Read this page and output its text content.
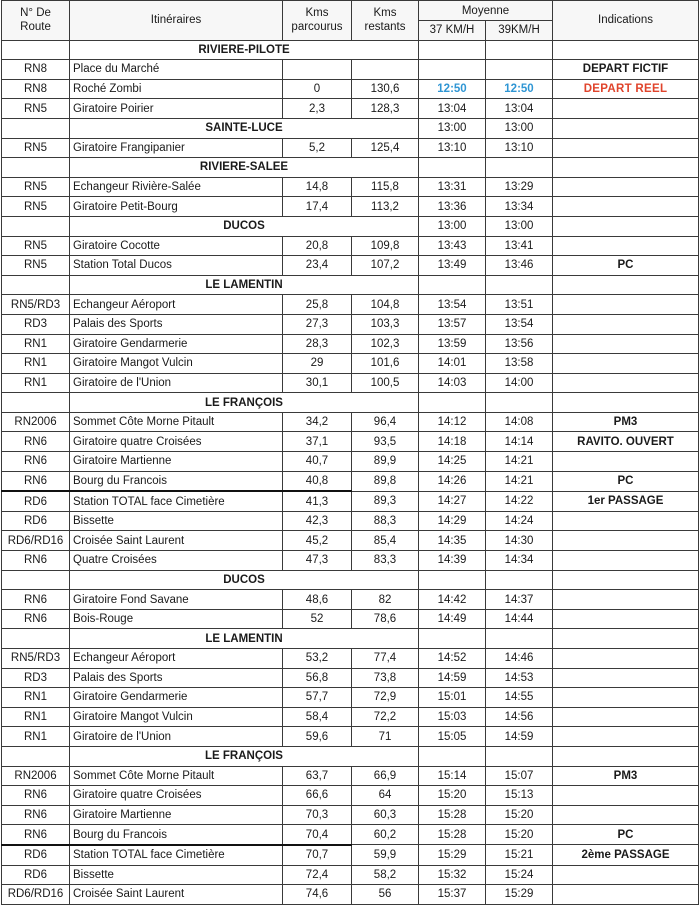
N° De Route	Itinéraires	Kms parcourus	Kms restants	Moyenne		Indications
				37 KM/H	39KM/H	
	RIVIERE-PILOTE					
RN8	Place du Marché					DEPART FICTIF
RN8	Roché Zombi	0	130,6	12:50	12:50	DEPART REEL
RN5	Giratoire Poirier	2,3	128,3	13:04	13:04	
	SAINTE-LUCE			13:00	13:00	
RN5	Giratoire Frangipanier	5,2	125,4	13:10	13:10	
	RIVIERE-SALEE					
RN5	Echangeur Rivière-Salée	14,8	115,8	13:31	13:29	
RN5	Giratoire Petit-Bourg	17,4	113,2	13:36	13:34	
	DUCOS			13:00	13:00	
RN5	Giratoire Cocotte	20,8	109,8	13:43	13:41	
RN5	Station Total Ducos	23,4	107,2	13:49	13:46	PC
	LE LAMENTIN					
RN5/RD3	Echangeur Aéroport	25,8	104,8	13:54	13:51	
RD3	Palais des Sports	27,3	103,3	13:57	13:54	
RN1	Giratoire Gendarmerie	28,3	102,3	13:59	13:56	
RN1	Giratoire Mangot Vulcin	29	101,6	14:01	13:58	
RN1	Giratoire de l'Union	30,1	100,5	14:03	14:00	
	LE FRANÇOIS					
RN2006	Sommet Côte Morne Pitault	34,2	96,4	14:12	14:08	PM3
RN6	Giratoire quatre Croisées	37,1	93,5	14:18	14:14	RAVITO. OUVERT
RN6	Giratoire Martienne	40,7	89,9	14:25	14:21	
RN6	Bourg du Francois	40,8	89,8	14:26	14:21	PC
RD6	Station TOTAL face Cimetière	41,3	89,3	14:27	14:22	1er PASSAGE
RD6	Bissette	42,3	88,3	14:29	14:24	
RD6/RD16	Croisée Saint Laurent	45,2	85,4	14:35	14:30	
RN6	Quatre Croisées	47,3	83,3	14:39	14:34	
	DUCOS					
RN6	Giratoire Fond Savane	48,6	82	14:42	14:37	
RN6	Bois-Rouge	52	78,6	14:49	14:44	
	LE LAMENTIN					
RN5/RD3	Echangeur Aéroport	53,2	77,4	14:52	14:46	
RD3	Palais des Sports	56,8	73,8	14:59	14:53	
RN1	Giratoire Gendarmerie	57,7	72,9	15:01	14:55	
RN1	Giratoire Mangot Vulcin	58,4	72,2	15:03	14:56	
RN1	Giratoire de l'Union	59,6	71	15:05	14:59	
	LE FRANÇOIS					
RN2006	Sommet Côte Morne Pitault	63,7	66,9	15:14	15:07	PM3
RN6	Giratoire quatre Croisées	66,6	64	15:20	15:13	
RN6	Giratoire Martienne	70,3	60,3	15:28	15:20	
RN6	Bourg du Francois	70,4	60,2	15:28	15:20	PC
RD6	Station TOTAL face Cimetière	70,7	59,9	15:29	15:21	2ème PASSAGE
RD6	Bissette	72,4	58,2	15:32	15:24	
RD6/RD16	Croisée Saint Laurent	74,6	56	15:37	15:29	
